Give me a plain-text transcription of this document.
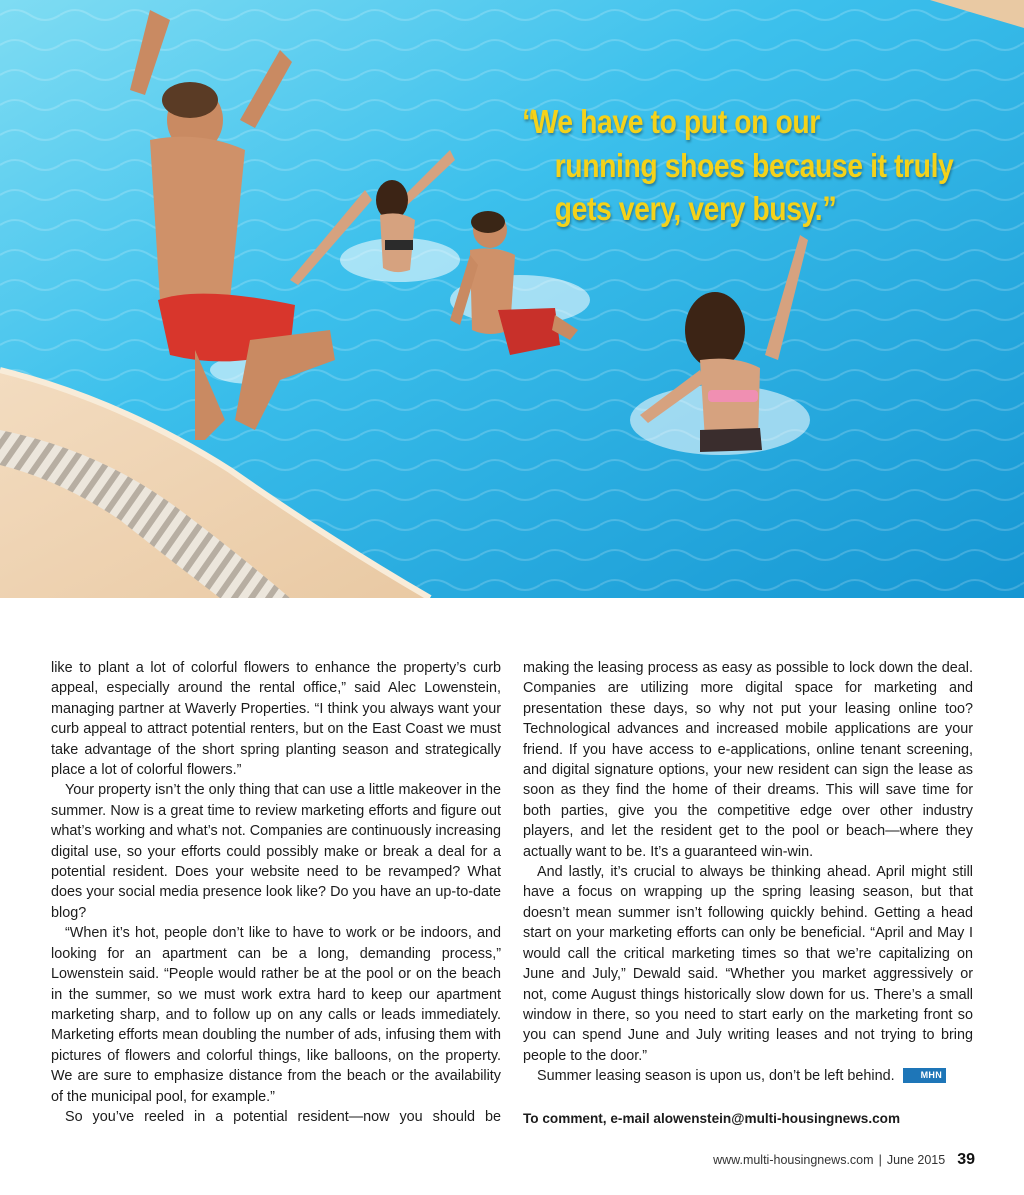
“We have to put on our
running shoes because it truly
gets very, very busy.”

like to plant a lot of colorful flowers to enhance the property’s curb appeal, especially around the rental office,” said Alec Lowenstein, managing partner at Waverly Properties. “I think you always want your curb appeal to attract potential renters, but on the East Coast we must take advantage of the short spring planting season and strategically place a lot of colorful flowers.”

Your property isn’t the only thing that can use a little makeover in the summer. Now is a great time to review marketing efforts and figure out what’s working and what’s not. Companies are continuously increasing digital use, so your efforts could possibly make or break a deal for a potential resident. Does your website need to be revamped? What does your social media presence look like? Do you have an up-to-date blog?

“When it’s hot, people don’t like to have to work or be indoors, and looking for an apartment can be a long, demanding process,” Lowenstein said. “People would rather be at the pool or on the beach in the summer, so we must work extra hard to keep our apartment marketing sharp, and to follow up on any calls or leads immediately. Marketing efforts mean doubling the number of ads, infusing them with pictures of flowers and colorful things, like balloons, on the property. We are sure to emphasize distance from the beach or the availability of the municipal pool, for example.”

So you’ve reeled in a potential resident—now you should be

making the leasing process as easy as possible to lock down the deal. Companies are utilizing more digital space for marketing and presentation these days, so why not put your leasing online too? Technological advances and increased mobile applications are your friend. If you have access to e-applications, online tenant screening, and digital signature options, your new resident can sign the lease as soon as they find the home of their dreams. This will save time for both parties, give you the competitive edge over other industry players, and let the resident get to the pool or beach—where they actually want to be. It’s a guaranteed win-win.

And lastly, it’s crucial to always be thinking ahead. April might still have a focus on wrapping up the spring leasing season, but that doesn’t mean summer isn’t following quickly behind. Getting a head start on your marketing efforts can only be beneficial. “April and May I would call the critical marketing times so that we’re capitalizing on June and July,” Dewald said. “Whether you market aggressively or not, come August things historically slow down for us. There’s a small window in there, so you need to start early on the marketing front so you can spend June and July writing leases and not trying to bring people to the door.”

Summer leasing season is upon us, don’t be left behind.	MHN

To comment, e-mail alowenstein@multi-housingnews.com
www.multi-housingnews.com | June 2015 39
